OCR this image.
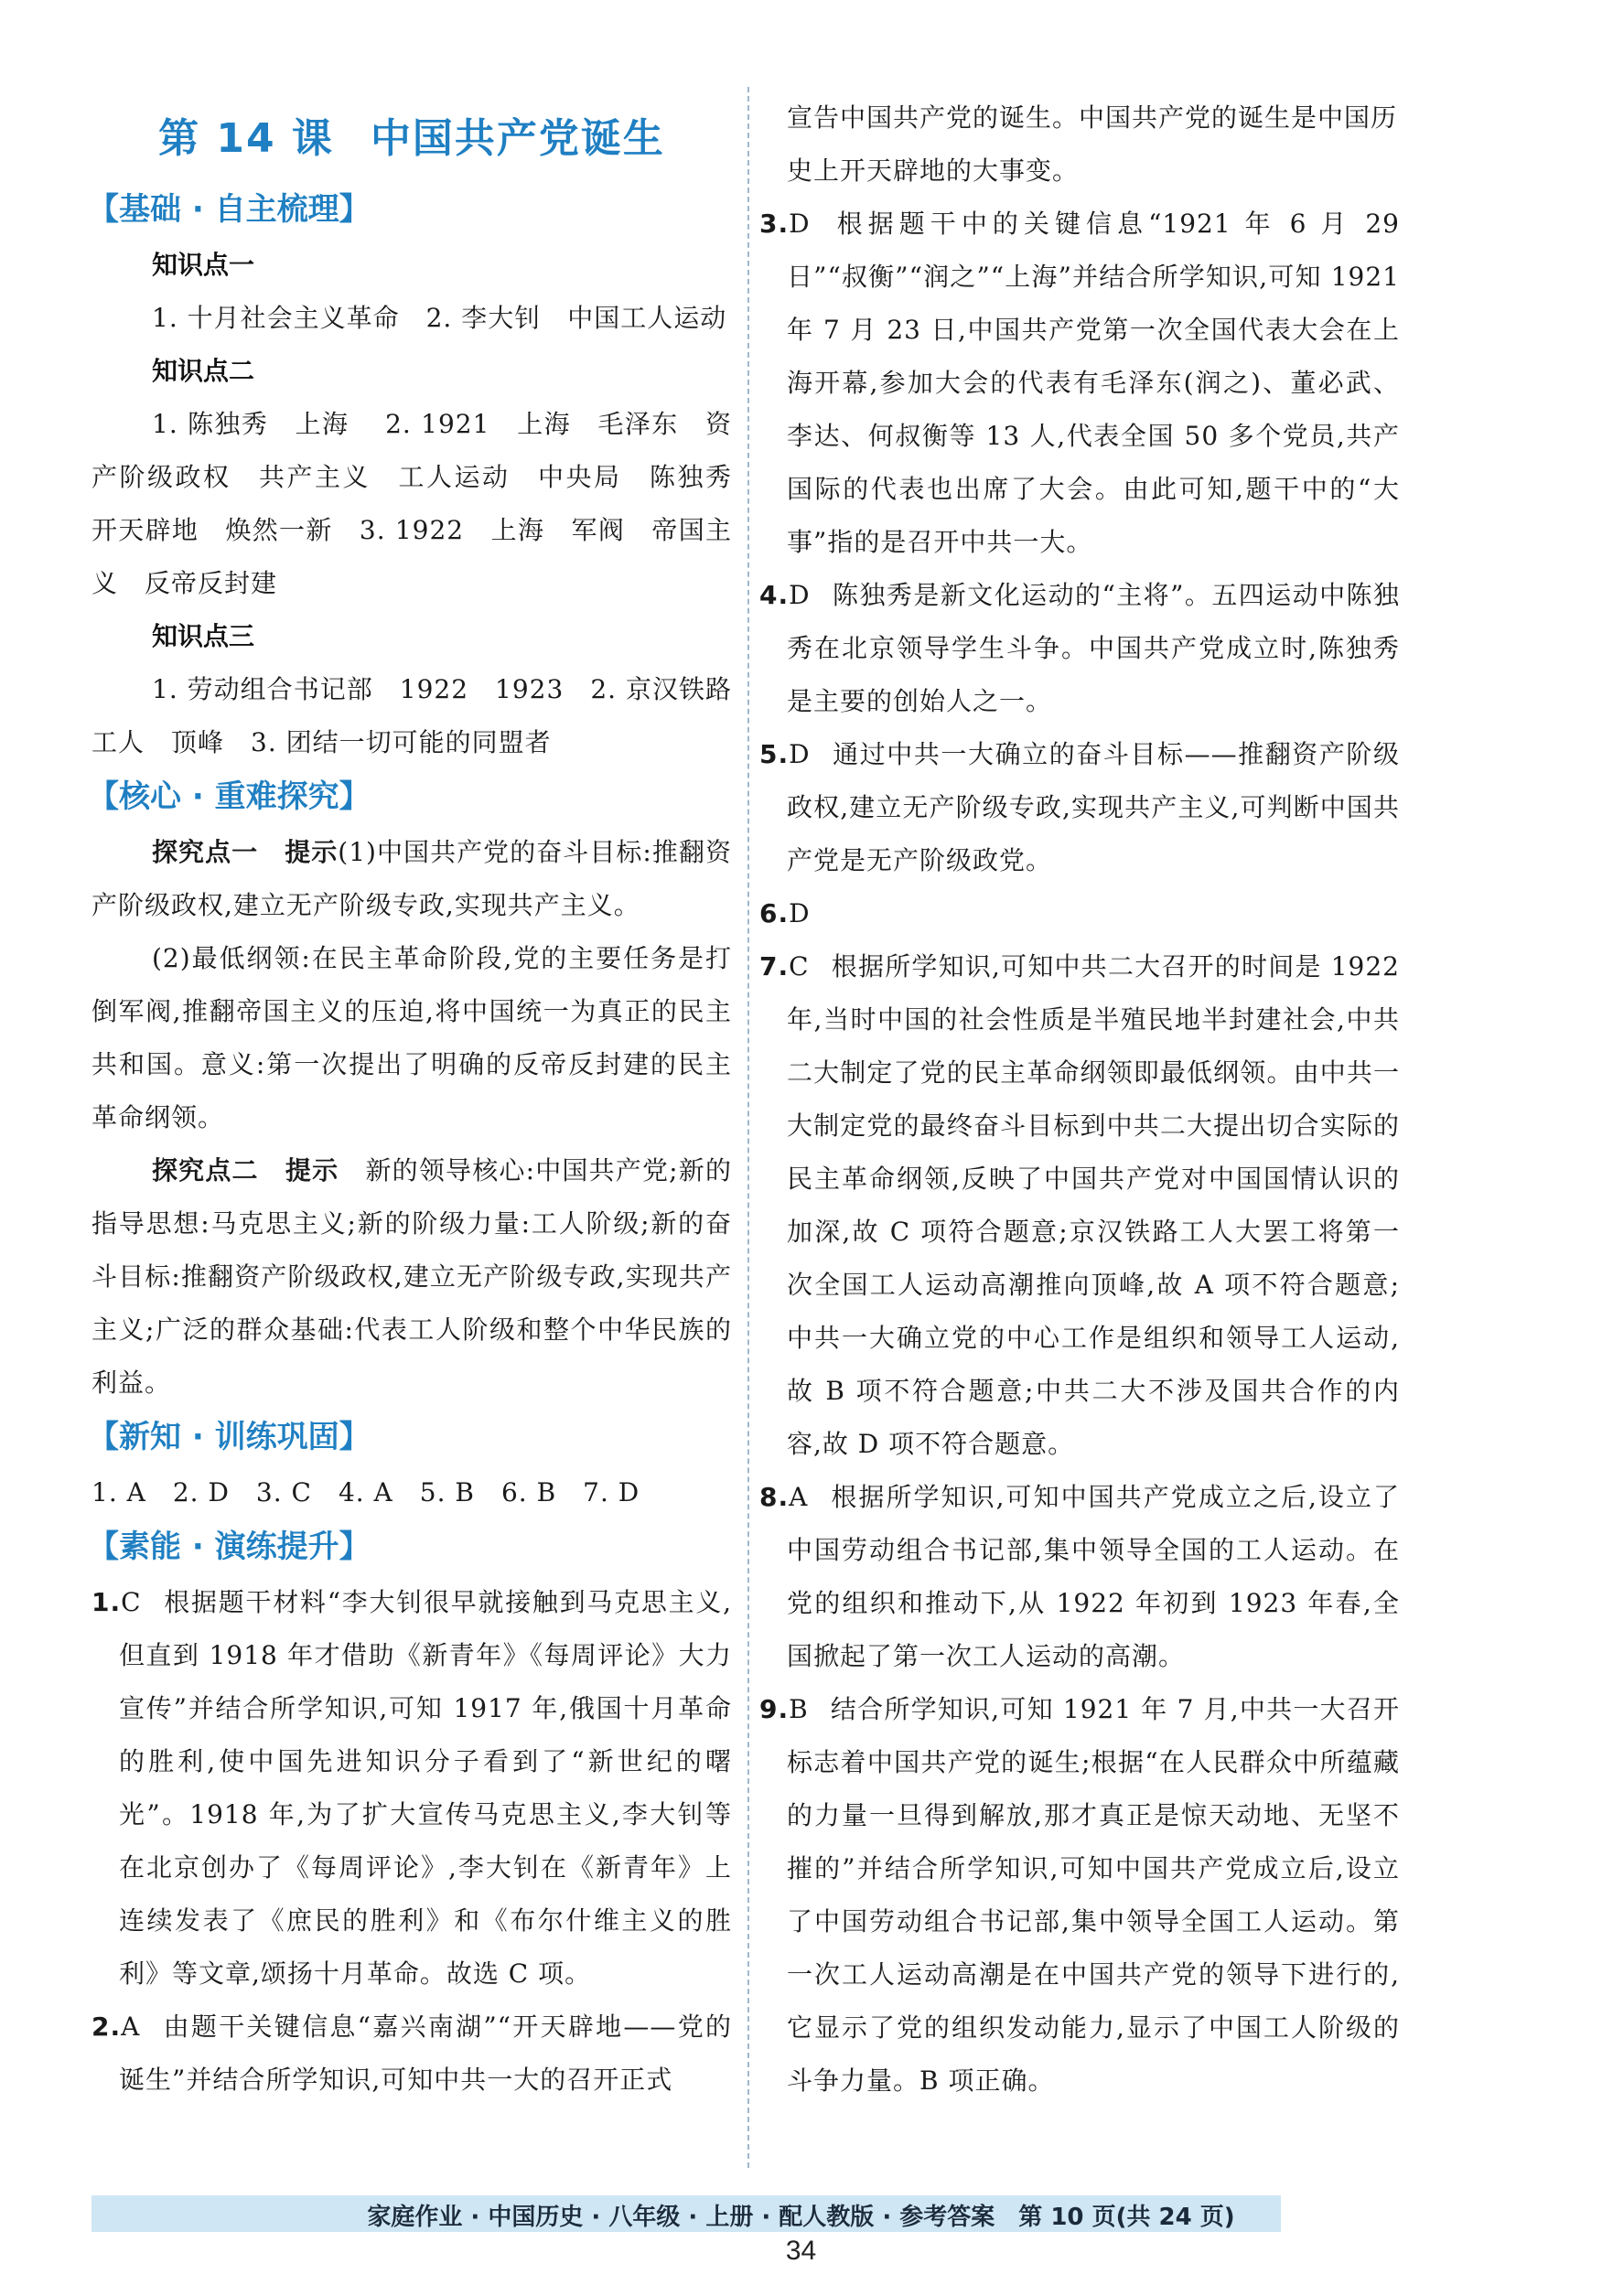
第 14 课 中国共产党诞生
【基础 · 自主梳理】
知识点一

1. 十月社会主义革命　2. 李大钊　中国工人运动

知识点二

1. 陈独秀　上海　 2. 1921　上海　毛泽东　资产阶级政权　共产主义　工人运动　中央局　陈独秀　开天辟地　焕然一新　3. 1922　上海　军阀　帝国主义　反帝反封建

知识点三

1. 劳动组合书记部　1922　1923　2. 京汉铁路工人　顶峰　3. 团结一切可能的同盟者

【核心 · 重难探究】

探究点一　提示(1)中国共产党的奋斗目标:推翻资产阶级政权,建立无产阶级专政,实现共产主义。

(2)最低纲领:在民主革命阶段,党的主要任务是打倒军阀,推翻帝国主义的压迫,将中国统一为真正的民主共和国。意义:第一次提出了明确的反帝反封建的民主革命纲领。

探究点二　提示　 新的领导核心:中国共产党;新的指导思想:马克思主义;新的阶级力量:工人阶级;新的奋斗目标:推翻资产阶级政权,建立无产阶级专政,实现共产主义;广泛的群众基础:代表工人阶级和整个中华民族的利益。

【新知 · 训练巩固】

1. A　2. D　3. C　4. A　5. B　6. B　7. D

【素能 · 演练提升】

1.C 根据题干材料“李大钊很早就接触到马克思主义,但直到 1918 年才借助《新青年》《每周评论》大力宣传”并结合所学知识,可知 1917 年,俄国十月革命的胜利,使中国先进知识分子看到了“新世纪的曙光”。1918 年,为了扩大宣传马克思主义,李大钊等在北京创办了《每周评论》,李大钊在《新青年》上连续发表了《庶民的胜利》和《布尔什维主义的胜利》等文章,颂扬十月革命。故选 C 项。

2.A 由题干关键信息“嘉兴南湖”“开天辟地——党的诞生”并结合所学知识,可知中共一大的召开正式

宣告中国共产党的诞生。中国共产党的诞生是中国历史上开天辟地的大事变。

3.D 根据题干中的关键信息“1921 年 6 月 29 日”“叔衡”“润之”“上海”并结合所学知识,可知 1921 年 7 月 23 日,中国共产党第一次全国代表大会在上海开幕,参加大会的代表有毛泽东(润之)、董必武、李达、何叔衡等 13 人,代表全国 50 多个党员,共产国际的代表也出席了大会。由此可知,题干中的“大事”指的是召开中共一大。

4.D 陈独秀是新文化运动的“主将”。五四运动中陈独秀在北京领导学生斗争。中国共产党成立时,陈独秀是主要的创始人之一。

5.D 通过中共一大确立的奋斗目标——推翻资产阶级政权,建立无产阶级专政,实现共产主义,可判断中国共产党是无产阶级政党。

6.D

7.C 根据所学知识,可知中共二大召开的时间是 1922 年,当时中国的社会性质是半殖民地半封建社会,中共二大制定了党的民主革命纲领即最低纲领。由中共一大制定党的最终奋斗目标到中共二大提出切合实际的民主革命纲领,反映了中国共产党对中国国情认识的加深,故 C 项符合题意;京汉铁路工人大罢工将第一次全国工人运动高潮推向顶峰,故 A 项不符合题意;中共一大确立党的中心工作是组织和领导工人运动,故 B 项不符合题意;中共二大不涉及国共合作的内容,故 D 项不符合题意。

8.A 根据所学知识,可知中国共产党成立之后,设立了中国劳动组合书记部,集中领导全国的工人运动。在党的组织和推动下,从 1922 年初到 1923 年春,全国掀起了第一次工人运动的高潮。

9.B 结合所学知识,可知 1921 年 7 月,中共一大召开标志着中国共产党的诞生;根据“在人民群众中所蕴藏的力量一旦得到解放,那才真正是惊天动地、无坚不摧的”并结合所学知识,可知中国共产党成立后,设立了中国劳动组合书记部,集中领导全国工人运动。第一次工人运动高潮是在中国共产党的领导下进行的,它显示了党的组织发动能力,显示了中国工人阶级的斗争力量。B 项正确。

家庭作业 · 中国历史 · 八年级 · 上册 · 配人教版 · 参考答案　第 10 页(共 24 页)
34
